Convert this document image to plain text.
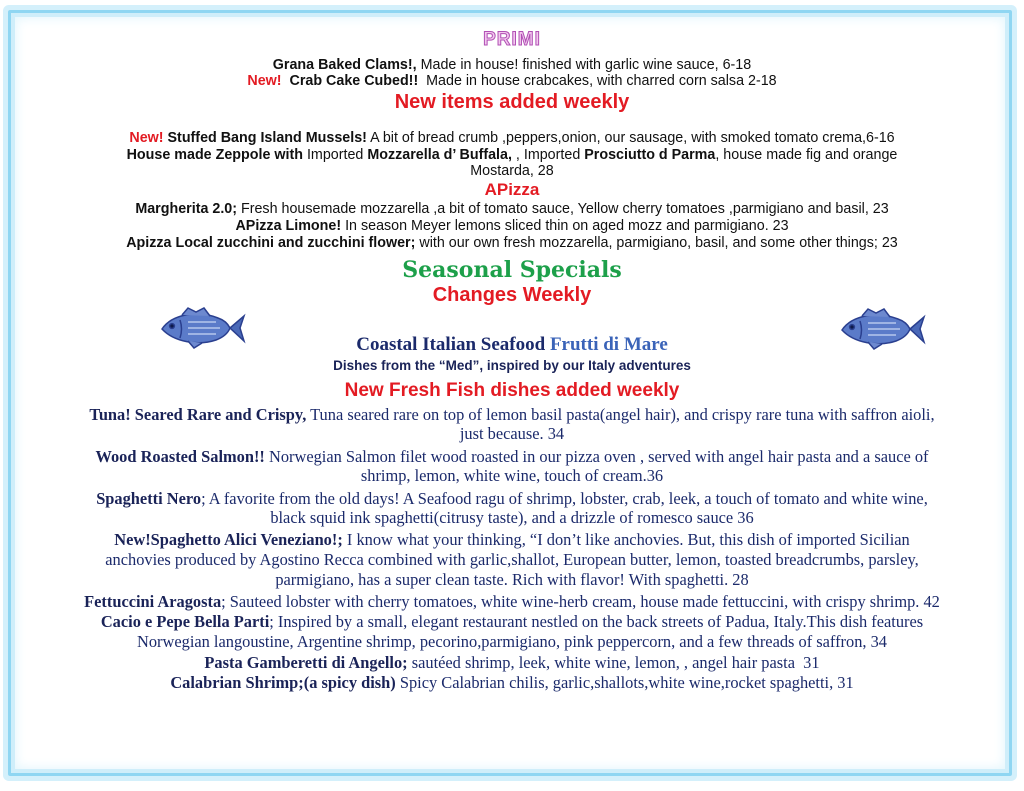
PRIMI
Grana Baked Clams!, Made in house! finished with garlic wine sauce, 6-18
New!  Crab Cake Cubed!!  Made in house crabcakes, with charred corn salsa 2-18
New items added weekly
New! Stuffed Bang Island Mussels! A bit of bread crumb ,peppers,onion, our sausage, with smoked tomato crema,6-16
House made Zeppole with Imported Mozzarella d’ Buffala, , Imported Prosciutto d Parma, house made fig and orange
Mostarda, 28
APizza
Margherita 2.0; Fresh housemade mozzarella ,a bit of tomato sauce, Yellow cherry tomatoes ,parmigiano and basil, 23
APizza Limone! In season Meyer lemons sliced thin on aged mozz and parmigiano. 23
Apizza Local zucchini and zucchini flower; with our own fresh mozzarella, parmigiano, basil, and some other things; 23
Seasonal Specials
Changes Weekly
Coastal Italian Seafood Frutti di Mare
Dishes from the “Med”, inspired by our Italy adventures
New Fresh Fish dishes added weekly
Tuna! Seared Rare and Crispy, Tuna seared rare on top of lemon basil pasta(angel hair), and crispy rare tuna with saffron aioli,
just because. 34
Wood Roasted Salmon!! Norwegian Salmon filet wood roasted in our pizza oven , served with angel hair pasta and a sauce of
shrimp, lemon, white wine, touch of cream.36
Spaghetti Nero; A favorite from the old days! A Seafood ragu of shrimp, lobster, crab, leek, a touch of tomato and white wine,
black squid ink spaghetti(citrusy taste), and a drizzle of romesco sauce 36
New!Spaghetto Alici Veneziano!; I know what your thinking, “I don’t like anchovies. But, this dish of imported Sicilian
anchovies produced by Agostino Recca combined with garlic,shallot, European butter, lemon, toasted breadcrumbs, parsley,
parmigiano, has a super clean taste. Rich with flavor! With spaghetti. 28
Fettuccini Aragosta; Sauteed lobster with cherry tomatoes, white wine-herb cream, house made fettuccini, with crispy shrimp. 42
Cacio e Pepe Bella Parti; Inspired by a small, elegant restaurant nestled on the back streets of Padua, Italy.This dish features
Norwegian langoustine, Argentine shrimp, pecorino,parmigiano, pink peppercorn, and a few threads of saffron, 34
Pasta Gamberetti di Angello; sautéed shrimp, leek, white wine, lemon, , angel hair pasta  31
Calabrian Shrimp;(a spicy dish) Spicy Calabrian chilis, garlic,shallots,white wine,rocket spaghetti, 31
